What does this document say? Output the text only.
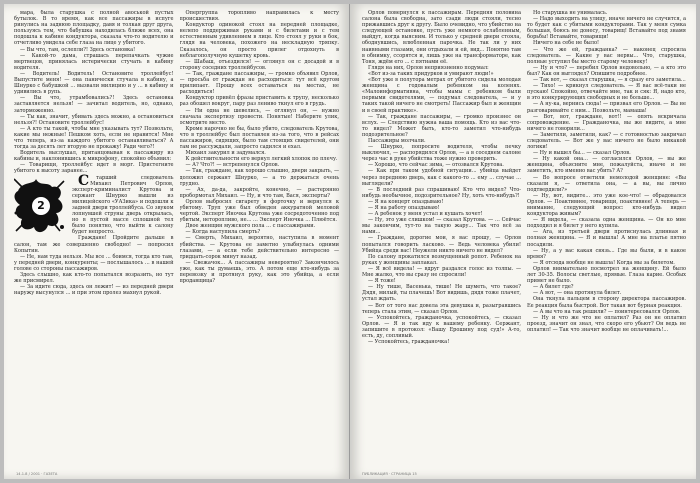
мара, была старушка с полной авоськой пустых бутылок. В то время, как все пассажиры в испуге ринулись на заднюю площадку, давя и толкая друг друга, пользуясь тем, что бабушка находилась ближе всех, она подошла к кабине кондуктора, сказала что-то водителю и отчетливо увидела себе глаза на лице у убитого.

— Вы что, там, ослепли?! Здесь остановка!

— Какой-то дама, страшась перепачкать чужие мертвецов, принялась истерически стучать в кабину водителя.

— Водитель! Водитель! Остановите троллейбус! Выпустите меня! — она панически стучала в кабину, а Шнурко с бабушкой ... вызвали милицию и у ... в кабину и удивились в рупь.

— Вы что, утрамбовались?! Здесь остановка заставляется нельзя! — зачитал водитель, но, однако, заторможенно.

— Ты как, значит, убивать здесь можно, а остановиться нельзя?! Остановите троллейбус!

— А кто ты такой, чтобы мне указывать тут? Позвольте, какие мы нежные! Пешком хоть, если не нравится! Мне что теперь, из-за каждого убитого останавливаться? А тогда за десять лет вторую не прокажу! Ради чего?!

Водитель выслушал, пританцовывая к пассажиру из кабины и, наклонившись к микрофону, спокойно объявил:

— Товарищи, троллейбус идет в морг. Пристегните убитого к высоту заранее...

2

С тарший следователь Михаил Петрович Орлов, эксперт-криминалист Крутова и сержант Шнурко вышли из милицейского «УАЗика» и подошли к задней двери троллейбуса. Со звуком лопнувшей струны дверь открылась, но в пустой массе сплошной тел было понятно, что выйти к салону будет непросто.

Граждане! Пройдите дальше в салон, там же совершенно свободно! — попросил Копытин.

— Не, нам туда нельзя. Мы все ... боимся, тогда кто там, у передней двери, конкуренты; — послышалось ... в нашей голове со стороны пассажиров.

Здесь слышно, как кто-то попытался возразить, но тут же присмирел.

— За идите сюда, здесь он лежит! — из передней двери наружу высунулся ... и при этом пролез махнул рукой.

Опергруппа торопливо направилась к месту происшествия.

Кондуктор одинокой стоял на передней площадке, нелепо поддерживая руками и с билетами и с тем естественным удивлением в лице. Кто стоял у руки в бок, глядя на человека, похожего на нескладную тряпку. Сказалось, он просто прилег отдохнуть в неблагополучную кушетку кровь.

— Шабаш, отъездился! — оглянул он с досадой и в сторону соседних троллейбусов.

— Так, граждане пассажиры, — громко объявил Орлов, — просьба от граждан не расходиться: тут всё кругом прилипает. Прошу всех оставаться на местах, не расходиться!

Кондуктор привёл фразы приставить к трупу, несколько раз обошел вокруг, пару раз лениво ткнул его в грудь.

— Ни одна не шевелись, — оглянул он, — нужно сначала экспертизу провести. Понятые! Наберите улик, осмотрите место.

Кроме нарочно не бы, было убито, следователь Крутова, что в троллейбус был поставлен из-за того, что в рейсах пассажиров, сидящих, было там стоящих свидетелей, они там не рассуждали, запросто садился и ехал.

Михаил закурил и задумался.

К действительности его вернул легкий хлопок по плечу.

— А? Что?! — встрепенулся Орлов.

— Так, граждане, как хорошо слышно, двери закрыть, — доложил сержант Шнурко, — а то держаться очень трудно.

— Ах, да-да, закройте, конечно, — растерянно пробормотал Михаил. — Ну, и что там, Вася, эксперты?

Орлов выбросил сигарету в форточку и вернулся к убитому. Труп уже был обведен аккуратной меловой чертой. Эксперт Иночка Крутова уже сосредоточенно под убитым, неторопливо, не... ... Эксперт Иночка ... Плюётся.

Двое женщин мужского пола ... с пассажирами.

— Когда наступила смерть?

— Смерть, Михаил, вероятно, наступила в момент убийства. — Крутова ее заметно улыбнулась одними глазами, — а если тебе действительно интересно — тридцать-сорок минут назад.

— Свежачок... А пассажиры невероятно? Закончилось уже, как ты думаешь, это. А потом еще кто-нибудь за перевозку и протянул руку, как это убийца, а если продавщица?

14.1.8 / 2001 · ГАЗЕТА

Орлов повернулся к пассажирам. Передняя половина салона была свободна, зато сзади люди стояли, тесно прижавшись друг к другу. Было очевидно, что убийство на следующей остановке, пусть уже немного ослабленным, выйдут, когда выясним. И только у средней двери стояла, ободнувшись, влюбленная парочка. Не так ли у них наивными глазами, они отдыхали и ей, вид... Понятно там в обнимку, ссорятся и, лишь уже на трансформаторе, как Тоня, ждём его ... с пятнами её.

Глядя на них, Орлов неприязненно подумал:

«Вот из-за таких придурков и умирают люди!»

«Вот уже в полутора метрах от убитого сидела молодая женщина с годовалым ребенком на коленях. «Малоинформативна, чтобы мамы с ребенком были первыми свидетелями, — подумал следователь, — и у таких такой ничего не смотреть! Пассажир был и женщин и в своей практике».

— Так, граждане пассажиры, — громко произнес он вслух. — Следствию нужна ваша помощь. Кто из вас что-то видел? Может быть, кто-то заметил что-нибудь подозрительное?

Пассажиры молчали.

— Шнурко, попросите водителя, чтобы печку выключил, — распорядился Орлов, — а в соседнем салоне через час в руке убийства тоже нужно проверить.

— Хорошо, что сейчас зима, — отозвался Крутова.

— Как при таком удобной ситуации... убийца выйдет через переднюю дверь, как с какого-то ... ему ... случае ... выглядели?

— В последний раз спрашиваю! Кто что видел? Что-нибудь необычное, подозрительное? Ну, хоть что-нибудь?!

— Я на концерт опаздываю!

— Я на работу опаздываю!

— А ребенок у меня устал и кушать хочет!

— Ну, это уже слишком! — сказал Крутова. — ... Сейчас мы закончим, тут-то на такую жару... Так что всё за нами...

— Граждане, дорогие мои, я вас прошу, — Орлов попытался говорить ласково. — Ведь человека убили! Убийца среди вас! Неужели никто ничего не видел?

По салону прокатился возмущенный ропот. Ребенок на руках у женщины заплакал.

— Я всё видела! — вдруг раздался голос из толпы. — Мне жалко, что вы сразу не спросили!

— Я тоже!

— Ну тише, Васенька, тише! Не шуметь, что такое? Дядя, милый, ты плачешь! Вот видишь, дядя тоже плачет, устал ждать.

— Вот от того нас довела эта девушка и, разыгравшись теперь стала этим, — сказал Орлов.

— Успокойтесь, гражданочка, успокойтесь, — сказал Орлов. — Я и так иду к вашему ребенку. Сержант, запишите в протокол: «Вашу Ерошину под суд!» А-то, есть, ду, сопливый.

— Успокойтесь, гражданочка!

Но старушка не унималась.

— Надо выходить на улицу, иначе ничего не случится, а то будет как с убитыми кондукторами. Так у меня сумка большая, боюсь не донесу, товарищ! Вставайте под знамя борьбы! Вставайте, товарищи!

Ничего на себе не было!

— Что же ей, гражданка? — наконец спросила следователь. — Какие у вас нервы... Что, старушка, полные уступил бы место старому человеку!

— Ну и что? — перебил Орлов недовольно, — а кто это был? Как он выглядел? Опишите подробнее.

— Так вот, — сказал старушка, — я сразу его заметила...

— Тихо! — крикнул следователь. — Я вас всё-таки не пускаю! Спокойно, отвечайте мне, так и сяк: Я, надо кто, в это конкурирующих свободных и не больше...

— А ну-ка, вернись сюда! — призвал его Орлов. — Вы не разговаривайте с ним... Позвольте, мамаша!

— Вот, вот, граждане, вот!! — опять вскричала сопровождение. — Гражданочка, вы же видите, а мне ничего не говорили...

— Заметили, заметили, как? — с готовностью закричал следователь. — Вот же у вас ничего не было никакой логики!

— Ну и вышел бы... — сказал Орлов.

— Ну какой она... — согласился Орлов, — вы же женщина, объясните мне, пожалуйста, иначе и не заметить, кто именно вас убить? А?

— Во вопросе ответили немолодой женщине: «Вы сказали я, — ответила она, — а вы, вы лично подтвердили?»

— Ну, вот, видите... это уже кое-что! — обрадовался Орлов. — Поактивнее, товарищи, поактивнее! А теперь — внимание, следующий вопрос: кто-нибудь видел кондуктора живым?

— Я видела, — сказала одна женщина. — Он ко мне подходил и я билет у него купила.

— Ага, из третьей двери протиснулась длинная и полная женщина. — Я и вышла! А мне на платье пятно посадили.

— Ну, а у вас какая связь... Где вы были, и в какое время?

— Я отсюда вообще не вышла! Когда мы за билетом.

Орлов внимательно посмотрел на женщину. Ей было лет 30-35. Волосы светлые, прямые. Глаза карие. Особых примет не было.

— А билет где?

— А вот, — она протянула билет.

Она ткнула пальцем в сторону директора пассажиров. Ее реакция была быстрой. Вот такая вот бурная реакция.

— А вы что на так решили? — поинтересовался Орлов.

— Ну и что же что не оплатил? Раз он не оплатил проезд, значит он знал, что скоро его убьют? Он ведь не оплатил! — Так что значит вообще не оплачивать!...

ПУБЛИКАЦИЯ · СТРАНИЦА 15
